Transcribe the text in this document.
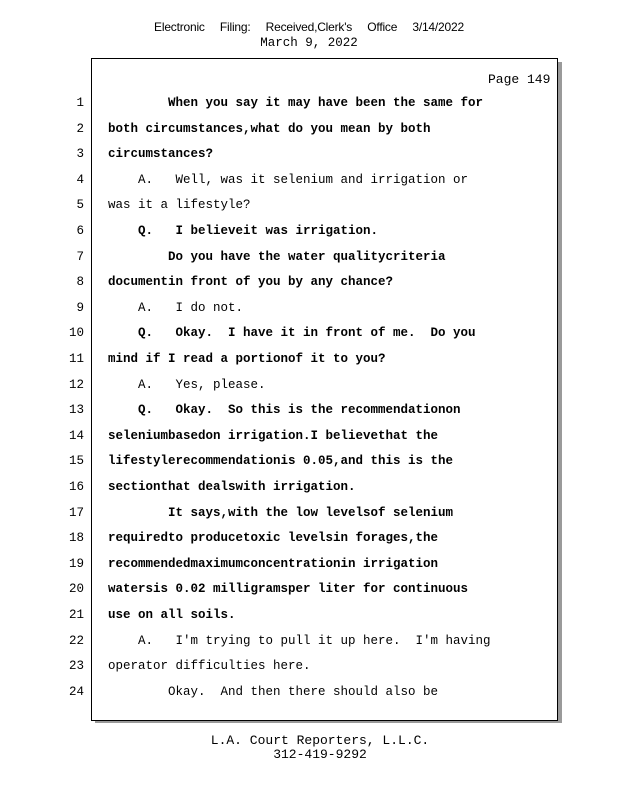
Electronic Filing: Received,Clerk's Office 3/14/2022
March 9, 2022
Page 149
1 When you say it may have been the same for
2 both circumstances,what do you mean by both
3 circumstances?
4 A.   Well, was it selenium and irrigation or
5 was it a lifestyle?
6 Q.   I believeit was irrigation.
7 Do you have the water qualitycriteria
8 documentin front of you by any chance?
9 A.   I do not.
10 Q.   Okay.  I have it in front of me.  Do you
11 mind if I read a portionof it to you?
12 A.   Yes, please.
13 Q.   Okay.  So this is the recommendationon
14 seleniumbasedon irrigation.I believethat the
15 lifestylerecommendationis 0.05,and this is the
16 sectionthat dealswith irrigation.
17 It says,with the low levelsof selenium
18 requiredto producetoxic levelsin forages,the
19 recommendedmaximumconcentrationin irrigation
20 watersis 0.02 milligramsper liter for continuous
21 use on all soils.
22 A.   I'm trying to pull it up here.  I'm having
23 operator difficulties here.
24 Okay.  And then there should also be
L.A. Court Reporters, L.L.C.
312-419-9292
